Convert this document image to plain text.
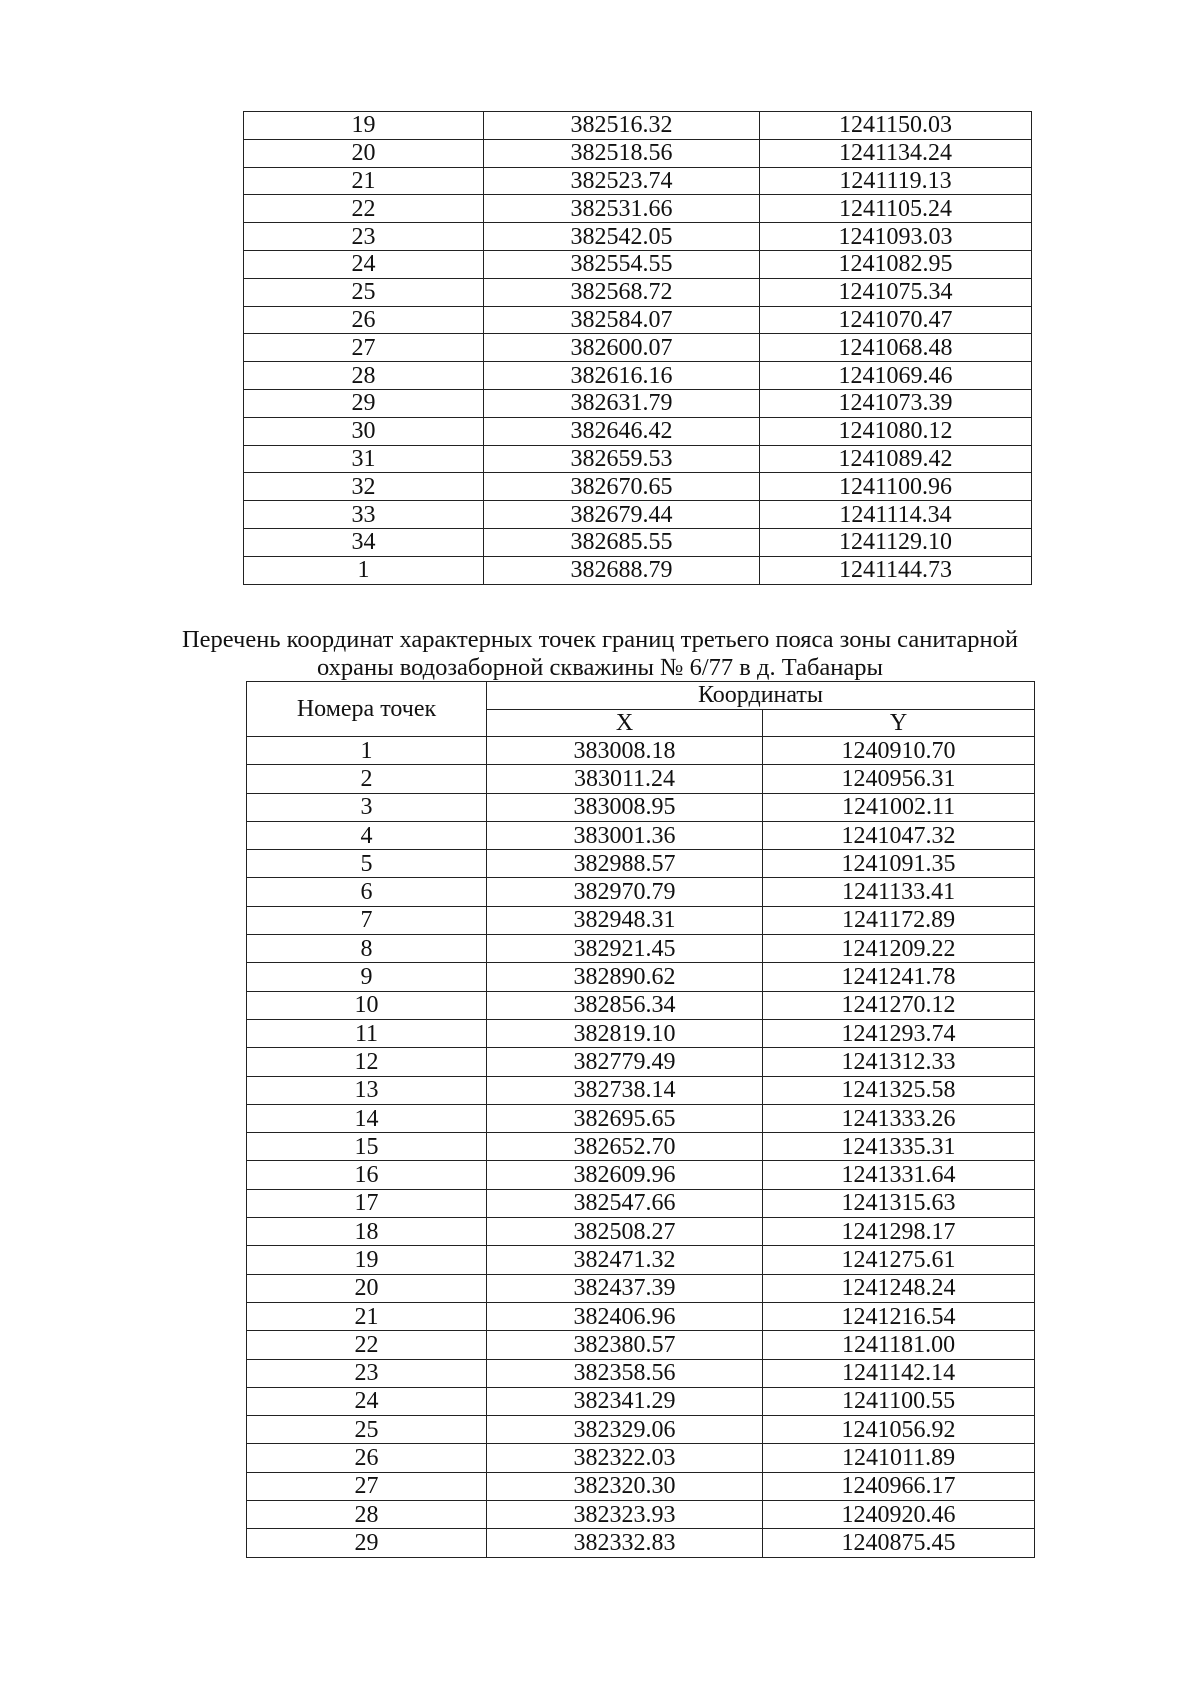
19	382516.32	1241150.03
20	382518.56	1241134.24
21	382523.74	1241119.13
22	382531.66	1241105.24
23	382542.05	1241093.03
24	382554.55	1241082.95
25	382568.72	1241075.34
26	382584.07	1241070.47
27	382600.07	1241068.48
28	382616.16	1241069.46
29	382631.79	1241073.39
30	382646.42	1241080.12
31	382659.53	1241089.42
32	382670.65	1241100.96
33	382679.44	1241114.34
34	382685.55	1241129.10
1	382688.79	1241144.73
Перечень координат характерных точек границ третьего пояса зоны санитарной
охраны водозаборной скважины № 6/77 в д. Табанары
Номера точек	Координаты	
	X	Y
1	383008.18	1240910.70
2	383011.24	1240956.31
3	383008.95	1241002.11
4	383001.36	1241047.32
5	382988.57	1241091.35
6	382970.79	1241133.41
7	382948.31	1241172.89
8	382921.45	1241209.22
9	382890.62	1241241.78
10	382856.34	1241270.12
11	382819.10	1241293.74
12	382779.49	1241312.33
13	382738.14	1241325.58
14	382695.65	1241333.26
15	382652.70	1241335.31
16	382609.96	1241331.64
17	382547.66	1241315.63
18	382508.27	1241298.17
19	382471.32	1241275.61
20	382437.39	1241248.24
21	382406.96	1241216.54
22	382380.57	1241181.00
23	382358.56	1241142.14
24	382341.29	1241100.55
25	382329.06	1241056.92
26	382322.03	1241011.89
27	382320.30	1240966.17
28	382323.93	1240920.46
29	382332.83	1240875.45
